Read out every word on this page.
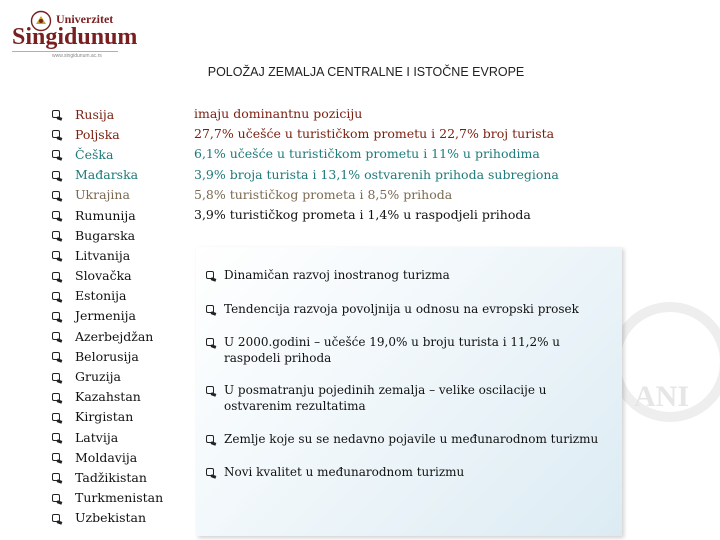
Univerzitet
Singidunum
www.singidunum.ac.rs
POLOŽAJ ZEMALJA CENTRALNE I ISTOČNE EVROPE
Rusija
Poljska
Češka
Mađarska
Ukrajina
Rumunija
Bugarska
Litvanija
Slovačka
Estonija
Jermenija
Azerbejdžan
Belorusija
Gruzija
Kazahstan
Kirgistan
Latvija
Moldavija
Tadžikistan
Turkmenistan
Uzbekistan
imaju dominantnu poziciju
27,7% učešće u turističkom prometu i 22,7% broj turista
6,1% učešće u turističkom prometu i 11% u prihodima
3,9% broja turista i 13,1% ostvarenih prihoda subregiona
5,8% turističkog prometa i 8,5% prihoda
3,9% turističkog prometa i 1,4% u raspodjeli prihoda
ANI
Dinamičan razvoj inostranog turizma
Tendencija razvoja povoljnija u odnosu na evropski prosek
U 2000.godini – učešće 19,0% u broju turista i 11,2% u raspodeli prihoda
U posmatranju pojedinih zemalja – velike oscilacije u ostvarenim rezultatima
Zemlje koje su se nedavno pojavile u međunarodnom turizmu
Novi kvalitet u međunarodnom turizmu
